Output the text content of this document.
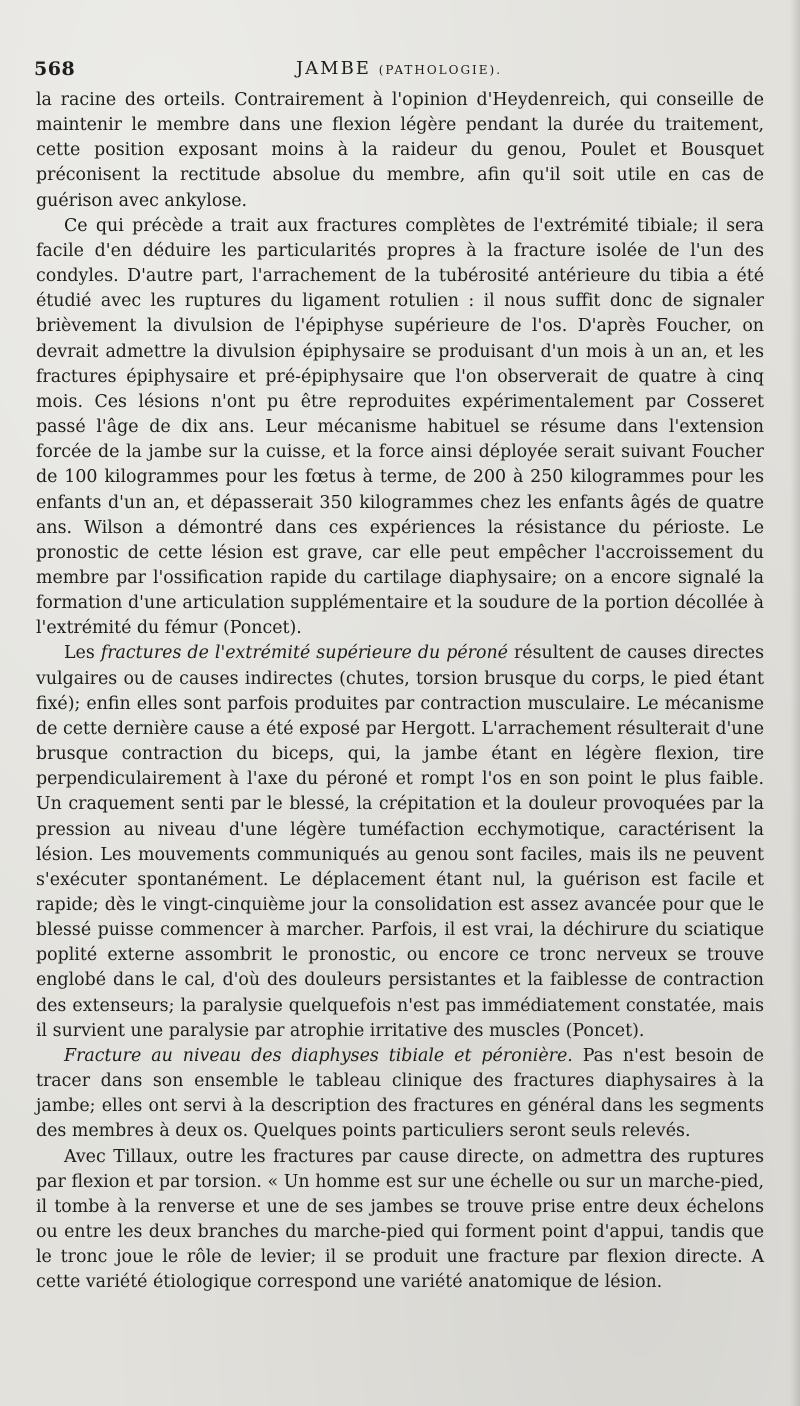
568	JAMBE (PATHOLOGIE).

la racine des orteils. Contrairement à l'opinion d'Heydenreich, qui conseille de maintenir le membre dans une flexion légère pendant la durée du traitement, cette position exposant moins à la raideur du genou, Poulet et Bousquet préconisent la rectitude absolue du membre, afin qu'il soit utile en cas de guérison avec ankylose.

Ce qui précède a trait aux fractures complètes de l'extrémité tibiale; il sera facile d'en déduire les particularités propres à la fracture isolée de l'un des condyles. D'autre part, l'arrachement de la tubérosité antérieure du tibia a été étudié avec les ruptures du ligament rotulien : il nous suffit donc de signaler brièvement la divulsion de l'épiphyse supérieure de l'os. D'après Foucher, on devrait admettre la divulsion épiphysaire se produisant d'un mois à un an, et les fractures épiphysaire et pré-épiphysaire que l'on observerait de quatre à cinq mois. Ces lésions n'ont pu être reproduites expérimentalement par Cosseret passé l'âge de dix ans. Leur mécanisme habituel se résume dans l'extension forcée de la jambe sur la cuisse, et la force ainsi déployée serait suivant Foucher de 100 kilogrammes pour les fœtus à terme, de 200 à 250 kilogrammes pour les enfants d'un an, et dépasserait 350 kilogrammes chez les enfants âgés de quatre ans. Wilson a démontré dans ces expériences la résistance du périoste. Le pronostic de cette lésion est grave, car elle peut empêcher l'accroissement du membre par l'ossification rapide du cartilage diaphysaire; on a encore signalé la formation d'une articulation supplémentaire et la soudure de la portion décollée à l'extrémité du fémur (Poncet).

Les fractures de l'extrémité supérieure du péroné résultent de causes directes vulgaires ou de causes indirectes (chutes, torsion brusque du corps, le pied étant fixé); enfin elles sont parfois produites par contraction musculaire. Le mécanisme de cette dernière cause a été exposé par Hergott. L'arrachement résulterait d'une brusque contraction du biceps, qui, la jambe étant en légère flexion, tire perpendiculairement à l'axe du péroné et rompt l'os en son point le plus faible. Un craquement senti par le blessé, la crépitation et la douleur provoquées par la pression au niveau d'une légère tuméfaction ecchymotique, caractérisent la lésion. Les mouvements communiqués au genou sont faciles, mais ils ne peuvent s'exécuter spontanément. Le déplacement étant nul, la guérison est facile et rapide; dès le vingt-cinquième jour la consolidation est assez avancée pour que le blessé puisse commencer à marcher. Parfois, il est vrai, la déchirure du sciatique poplité externe assombrit le pronostic, ou encore ce tronc nerveux se trouve englobé dans le cal, d'où des douleurs persistantes et la faiblesse de contraction des extenseurs; la paralysie quelquefois n'est pas immédiatement constatée, mais il survient une paralysie par atrophie irritative des muscles (Poncet).

Fracture au niveau des diaphyses tibiale et péronière. Pas n'est besoin de tracer dans son ensemble le tableau clinique des fractures diaphysaires à la jambe; elles ont servi à la description des fractures en général dans les segments des membres à deux os. Quelques points particuliers seront seuls relevés.

Avec Tillaux, outre les fractures par cause directe, on admettra des ruptures par flexion et par torsion. « Un homme est sur une échelle ou sur un marche-pied, il tombe à la renverse et une de ses jambes se trouve prise entre deux échelons ou entre les deux branches du marche-pied qui forment point d'appui, tandis que le tronc joue le rôle de levier; il se produit une fracture par flexion directe. A cette variété étiologique correspond une variété anatomique de lésion.
